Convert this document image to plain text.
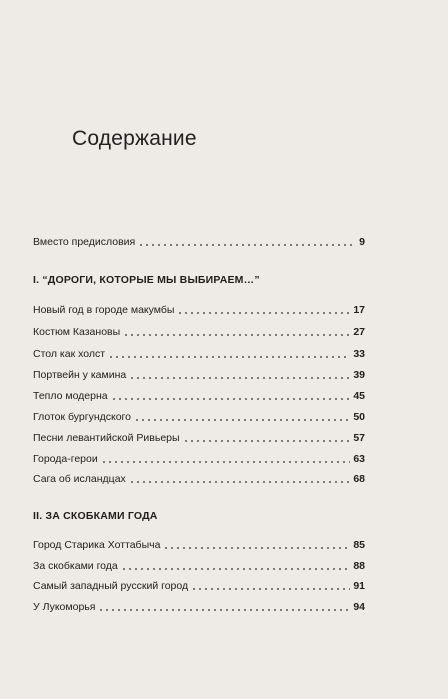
Содержание
Вместо предисловия	9
I. “ДОРОГИ, КОТОРЫЕ МЫ ВЫБИРАЕМ…”
Новый год в городе макумбы	17
Костюм Казановы	27
Стол как холст	33
Портвейн у камина	39
Тепло модерна	45
Глоток бургундского	50
Песни левантийской Ривьеры	57
Города-герои	63
Сага об исландцах	68
II. ЗА СКОБКАМИ ГОДА
Город Старика Хоттабыча	85
За скобками года	88
Самый западный русский город	91
У Лукоморья	94
